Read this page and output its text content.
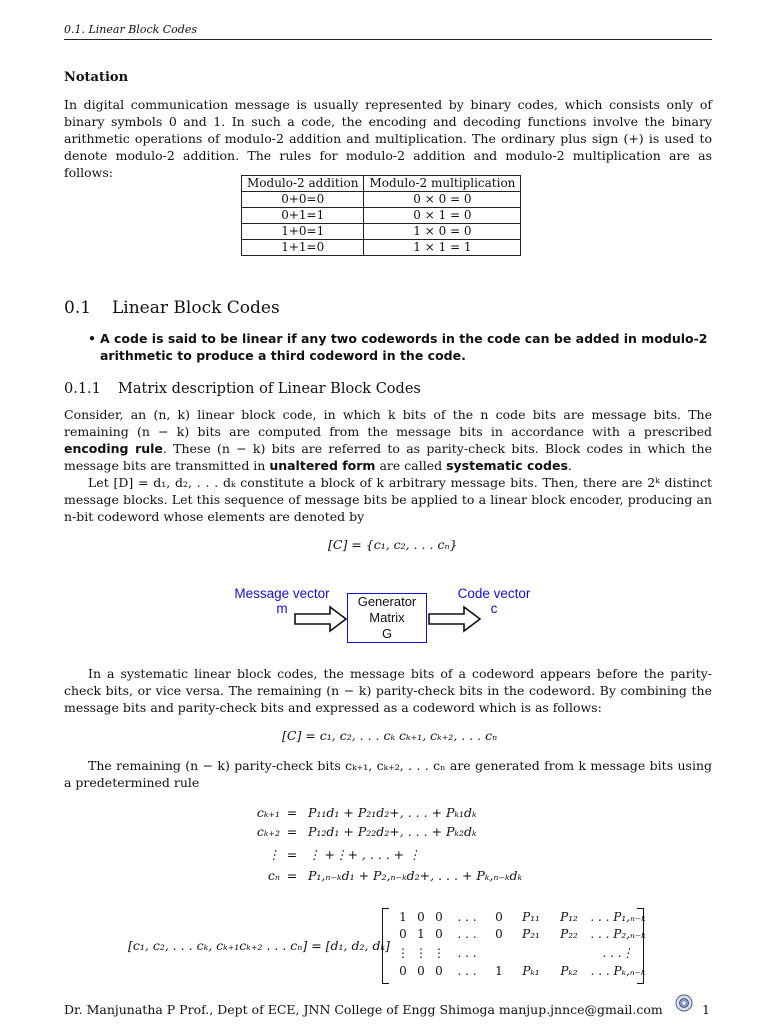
0.1. Linear Block Codes
Notation
In digital communication message is usually represented by binary codes, which consists only of binary symbols 0 and 1. In such a code, the encoding and decoding functions involve the binary arithmetic operations of modulo-2 addition and multiplication. The ordinary plus sign (+) is used to denote modulo-2 addition. The rules for modulo-2 addition and modulo-2 multiplication are as follows:
Modulo-2 addition	Modulo-2 multiplication
0+0=0	0 × 0 = 0
0+1=1	0 × 1 = 0
1+0=1	1 × 0 = 0
1+1=0	1 × 1 = 1
0.1 Linear Block Codes
• A code is said to be linear if any two codewords in the code can be added in modulo-2 arithmetic to produce a third codeword in the code.
0.1.1 Matrix description of Linear Block Codes
Consider, an (n, k) linear block code, in which k bits of the n code bits are message bits. The remaining (n − k) bits are computed from the message bits in accordance with a prescribed encoding rule. These (n − k) bits are referred to as parity-check bits. Block codes in which the message bits are transmitted in unaltered form are called systematic codes.
Let [D] = d₁, d₂, . . . dₖ constitute a block of k arbitrary message bits. Then, there are 2ᵏ distinct message blocks. Let this sequence of message bits be applied to a linear block encoder, producing an n-bit codeword whose elements are denoted by
[C] = {c₁, c₂, . . . cₙ}
Message vector
m	Generator
Matrix
G
Code vector
c
In a systematic linear block codes, the message bits of a codeword appears before the parity-check bits, or vice versa. The remaining (n − k) parity-check bits in the codeword. By combining the message bits and parity-check bits and expressed as a codeword which is as follows:
[C] = c₁, c₂, . . . cₖ cₖ₊₁, cₖ₊₂, . . . cₙ
The remaining (n − k) parity-check bits cₖ₊₁, cₖ₊₂, . . . cₙ are generated from k message bits using a predetermined rule
cₖ₊₁ = P₁₁d₁ + P₂₁d₂+, . . . + Pₖ₁dₖ
cₖ₊₂ = P₁₂d₁ + P₂₂d₂+, . . . + Pₖ₂dₖ
⋮ = ⋮ +⋮+ , . . . + ⋮
cₙ = P₁,ₙ₋ₖd₁ + P₂,ₙ₋ₖd₂+, . . . + Pₖ,ₙ₋ₖdₖ
[c₁, c₂, . . . cₖ, cₖ₊₁cₖ₊₂ . . . cₙ] = [d₁, d₂, dₖ]
1 0 0 . . . 0 P₁₁ P₁₂ . . . P₁,ₙ₋ₖ
0 1 0 . . . 0 P₂₁ P₂₂ . . . P₂,ₙ₋ₖ
⋮ ⋮ ⋮ . . .	. . .⋮
0 0 0 . . . 1 Pₖ₁ Pₖ₂ . . . Pₖ,ₙ₋ₖ
Dr. Manjunatha P Prof., Dept of ECE, JNN College of Engg Shimoga manjup.jnnce@gmail.com	1
